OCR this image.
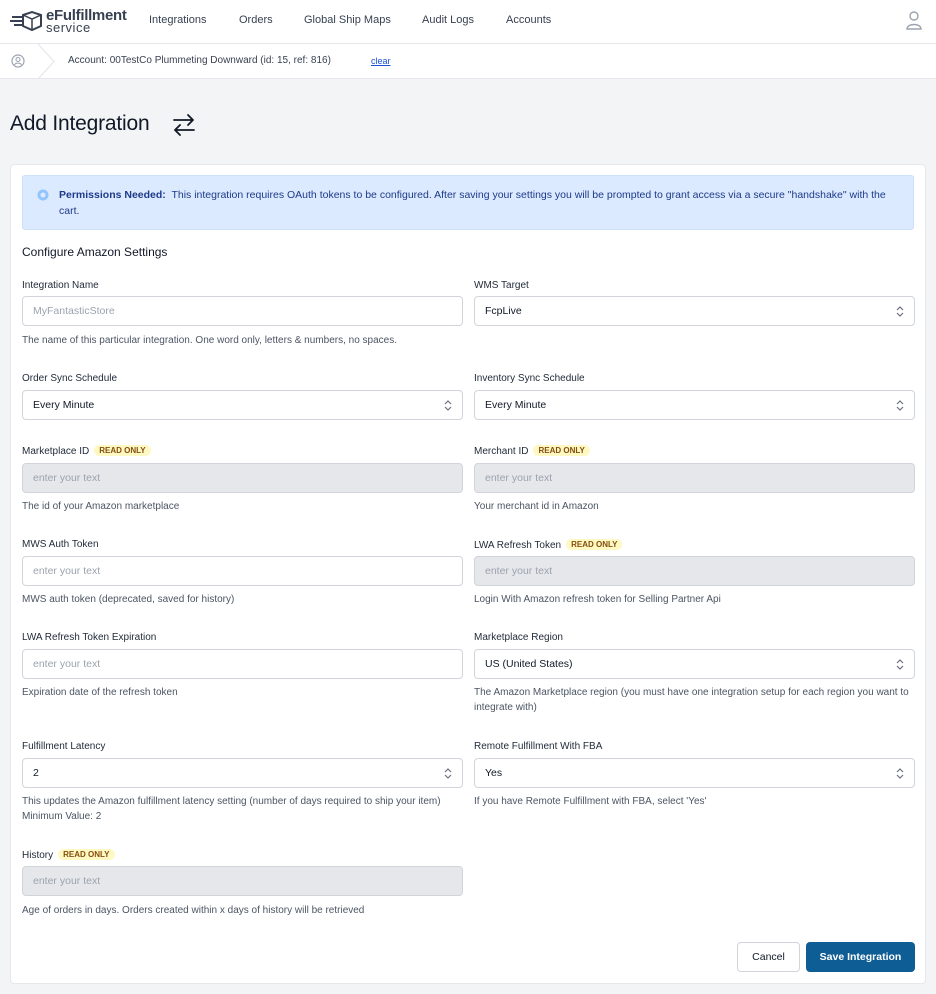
eFulfillment
service	Integrations	Orders	Global Ship Maps	Audit Logs	Accounts
Account: 00TestCo Plummeting Downward (id: 15, ref: 816)	clear
Add Integration
Permissions Needed: This integration requires OAuth tokens to be configured. After saving your settings you will be prompted to grant access via a secure "handshake" with the cart.
Configure Amazon Settings
Integration Name
MyFantasticStore
The name of this particular integration. One word only, letters & numbers, no spaces.
WMS Target
FcpLive
Order Sync Schedule
Every Minute
Inventory Sync Schedule
Every Minute
Marketplace ID READ ONLY
enter your text
The id of your Amazon marketplace
Merchant ID READ ONLY
enter your text
Your merchant id in Amazon
MWS Auth Token
enter your text
MWS auth token (deprecated, saved for history)
LWA Refresh Token READ ONLY
enter your text
Login With Amazon refresh token for Selling Partner Api
LWA Refresh Token Expiration
enter your text
Expiration date of the refresh token
Marketplace Region
US (United States)
The Amazon Marketplace region (you must have one integration setup for each region you want to integrate with)
Fulfillment Latency
2
This updates the Amazon fulfillment latency setting (number of days required to ship your item) Minimum Value: 2
Remote Fulfillment With FBA
Yes
If you have Remote Fulfillment with FBA, select 'Yes'
History READ ONLY
enter your text
Age of orders in days. Orders created within x days of history will be retrieved
Cancel	Save Integration
